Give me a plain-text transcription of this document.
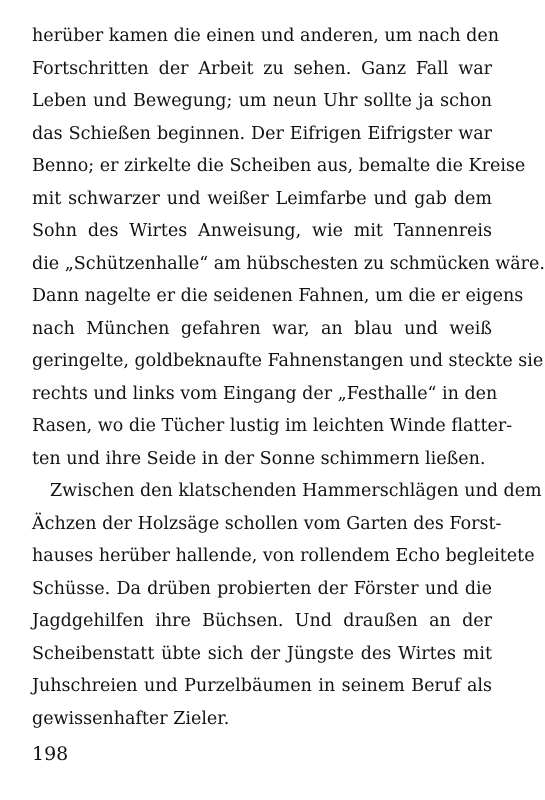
herüber kamen die einen und anderen, um nach den
Fortschritten der Arbeit zu sehen. Ganz Fall war
Leben und Bewegung; um neun Uhr sollte ja schon
das Schießen beginnen. Der Eifrigen Eifrigster war
Benno; er zirkelte die Scheiben aus, bemalte die Kreise
mit schwarzer und weißer Leimfarbe und gab dem
Sohn des Wirtes Anweisung, wie mit Tannenreis
die „Schützenhalle“ am hübschesten zu schmücken wäre.
Dann nagelte er die seidenen Fahnen, um die er eigens
nach München gefahren war, an blau und weiß
geringelte, goldbeknaufte Fahnenstangen und steckte sie
rechts und links vom Eingang der „Festhalle“ in den
Rasen, wo die Tücher lustig im leichten Winde flatter-
ten und ihre Seide in der Sonne schimmern ließen.
Zwischen den klatschenden Hammerschlägen und dem
Ächzen der Holzsäge schollen vom Garten des Forst-
hauses herüber hallende, von rollendem Echo begleitete
Schüsse. Da drüben probierten der Förster und die
Jagdgehilfen ihre Büchsen. Und draußen an der
Scheibenstatt übte sich der Jüngste des Wirtes mit
Juhschreien und Purzelbäumen in seinem Beruf als
gewissenhafter Zieler.
198
